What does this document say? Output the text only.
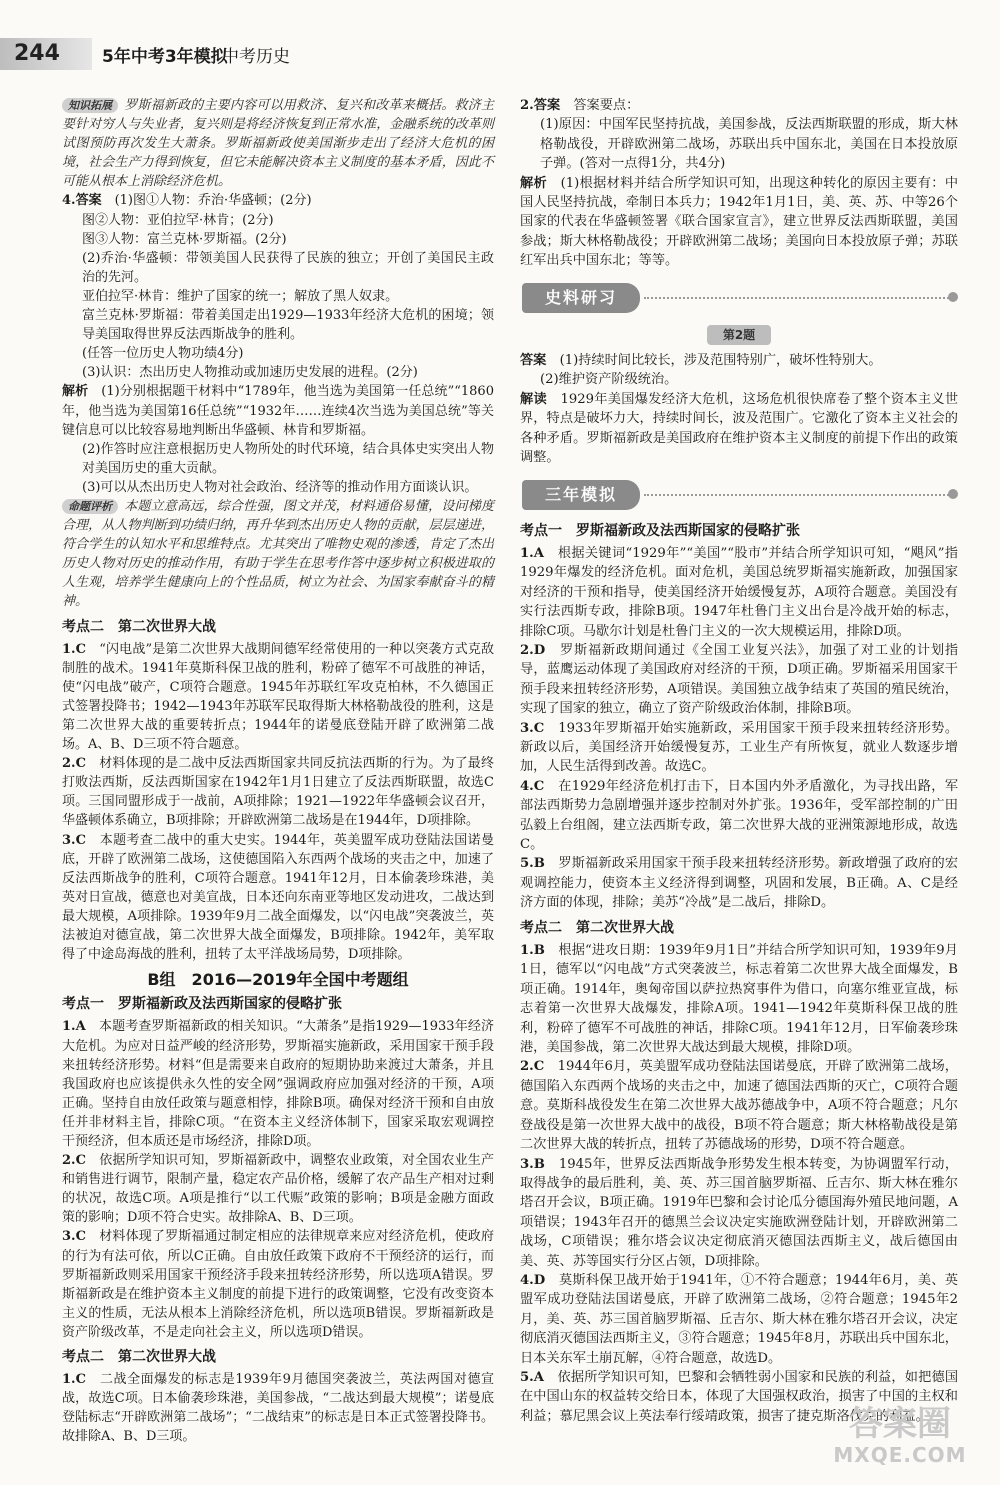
244	5年中考3年模拟
中考历史

知识拓展 罗斯福新政的主要内容可以用救济、复兴和改革来概括。救济主要针对穷人与失业者，复兴则是将经济恢复到正常水准，金融系统的改革则试图预防再次发生大萧条。罗斯福新政使美国渐步走出了经济大危机的困境，社会生产力得到恢复，但它未能解决资本主义制度的基本矛盾，因此不可能从根本上消除经济危机。

4.答案　 (1)图①人物：乔治·华盛顿；(2分)

图②人物：亚伯拉罕·林肯；(2分)

图③人物：富兰克林·罗斯福。(2分)

(2)乔治·华盛顿：带领美国人民获得了民族的独立；开创了美国民主政治的先河。

亚伯拉罕·林肯：维护了国家的统一；解放了黑人奴隶。

富兰克林·罗斯福：带着美国走出1929—1933年经济大危机的困境；领导美国取得世界反法西斯战争的胜利。

(任答一位历史人物功绩4分)

(3)认识：杰出历史人物推动或加速历史发展的进程。(2分)

解析　 (1)分别根据题干材料中“1789年，他当选为美国第一任总统”“1860年，他当选为美国第16任总统”“1932年……连续4次当选为美国总统”等关键信息可以比较容易地判断出华盛顿、林肯和罗斯福。

(2)作答时应注意根据历史人物所处的时代环境，结合具体史实突出人物对美国历史的重大贡献。

(3)可以从杰出历史人物对社会政治、经济等的推动作用方面谈认识。

命题评析 本题立意高远，综合性强，图文并茂，材料通俗易懂，设问梯度合理，从人物判断到功绩归纳，再升华到杰出历史人物的贡献，层层递进，符合学生的认知水平和思维特点。尤其突出了唯物史观的渗透，肯定了杰出历史人物对历史的推动作用，有助于学生在思考作答中逐步树立积极进取的人生观，培养学生健康向上的个性品质，树立为社会、为国家奉献奋斗的精神。

考点二　第二次世界大战

1.C　 “闪电战”是第二次世界大战期间德军经常使用的一种以突袭方式克敌制胜的战术。1941年莫斯科保卫战的胜利，粉碎了德军不可战胜的神话，使“闪电战”破产，C项符合题意。1945年苏联红军攻克柏林，不久德国正式签署投降书；1942—1943年苏联军民取得斯大林格勒战役的胜利，这是第二次世界大战的重要转折点；1944年的诺曼底登陆开辟了欧洲第二战场。A、B、D三项不符合题意。

2.C　 材料体现的是二战中反法西斯国家共同反抗法西斯的行为。为了最终打败法西斯，反法西斯国家在1942年1月1日建立了反法西斯联盟，故选C项。三国同盟形成于一战前，A项排除；1921—1922年华盛顿会议召开，华盛顿体系确立，B项排除；开辟欧洲第二战场是在1944年，D项排除。

3.C　 本题考查二战中的重大史实。1944年，英美盟军成功登陆法国诺曼底，开辟了欧洲第二战场，这使德国陷入东西两个战场的夹击之中，加速了反法西斯战争的胜利，C项符合题意。1941年12月，日本偷袭珍珠港，美英对日宣战，德意也对美宣战，日本还向东南亚等地区发动进攻，二战达到最大规模，A项排除。1939年9月二战全面爆发，以“闪电战”突袭波兰，英法被迫对德宣战，第二次世界大战全面爆发，B项排除。1942年，美军取得了中途岛海战的胜利，扭转了太平洋战场局势，D项排除。

B组　2016—2019年全国中考题组
考点一　罗斯福新政及法西斯国家的侵略扩张

1.A　 本题考查罗斯福新政的相关知识。“大萧条”是指1929—1933年经济大危机。为应对日益严峻的经济形势，罗斯福实施新政，采用国家干预手段来扭转经济形势。材料“但是需要来自政府的短期协助来渡过大萧条，并且我国政府也应该提供永久性的安全网”强调政府应加强对经济的干预，A项正确。坚持自由放任政策与题意相悖，排除B项。确保对经济干预和自由放任并非材料主旨，排除C项。“在资本主义经济体制下，国家采取宏观调控干预经济，但本质还是市场经济，排除D项。

2.C　 依据所学知识可知，罗斯福新政中，调整农业政策，对全国农业生产和销售进行调节，限制产量，稳定农产品价格，缓解了农产品生产相对过剩的状况，故选C项。A项是推行“以工代赈”政策的影响；B项是金融方面政策的影响；D项不符合史实。故排除A、B、D三项。

3.C　 材料体现了罗斯福通过制定相应的法律规章来应对经济危机，使政府的行为有法可依，所以C正确。自由放任政策下政府不干预经济的运行，而罗斯福新政则采用国家干预经济手段来扭转经济形势，所以选项A错误。罗斯福新政是在维护资本主义制度的前提下进行的政策调整，它没有改变资本主义的性质，无法从根本上消除经济危机，所以选项B错误。罗斯福新政是资产阶级改革，不是走向社会主义，所以选项D错误。

考点二　第二次世界大战

1.C　 二战全面爆发的标志是1939年9月德国突袭波兰，英法两国对德宣战，故选C项。日本偷袭珍珠港，美国参战，“二战达到最大规模”；诺曼底登陆标志“开辟欧洲第二战场”；“二战结束”的标志是日本正式签署投降书。故排除A、B、D三项。

2.答案　 答案要点：

(1)原因：中国军民坚持抗战，美国参战，反法西斯联盟的形成，斯大林格勒战役，开辟欧洲第二战场，苏联出兵中国东北，美国在日本投放原子弹。(答对一点得1分，共4分)

解析　 (1)根据材料并结合所学知识可知，出现这种转化的原因主要有：中国人民坚持抗战，牵制日本兵力；1942年1月1日，美、英、苏、中等26个国家的代表在华盛顿签署《联合国家宣言》，建立世界反法西斯联盟，美国参战；斯大林格勒战役；开辟欧洲第二战场；美国向日本投放原子弹；苏联红军出兵中国东北；等等。

史料研习
第2题

答案　 (1)持续时间比较长，涉及范围特别广，破坏性特别大。

(2)维护资产阶级统治。

解读　 1929年美国爆发经济大危机，这场危机很快席卷了整个资本主义世界，特点是破坏力大，持续时间长，波及范围广。它激化了资本主义社会的各种矛盾。罗斯福新政是美国政府在维护资本主义制度的前提下作出的政策调整。

三年模拟
考点一　罗斯福新政及法西斯国家的侵略扩张

1.A　 根据关键词“1929年”“美国”“股市”并结合所学知识可知，“飓风”指1929年爆发的经济危机。面对危机，美国总统罗斯福实施新政，加强国家对经济的干预和指导，使美国经济开始缓慢复苏，A项符合题意。美国没有实行法西斯专政，排除B项。1947年杜鲁门主义出台是冷战开始的标志，排除C项。马歇尔计划是杜鲁门主义的一次大规模运用，排除D项。

2.D　 罗斯福新政期间通过《全国工业复兴法》，加强了对工业的计划指导，蓝鹰运动体现了美国政府对经济的干预，D项正确。罗斯福采用国家干预手段来扭转经济形势，A项错误。美国独立战争结束了英国的殖民统治，实现了国家的独立，确立了资产阶级政治体制，排除B项。

3.C　 1933年罗斯福开始实施新政，采用国家干预手段来扭转经济形势。新政以后，美国经济开始缓慢复苏，工业生产有所恢复，就业人数逐步增加，人民生活得到改善。故选C。

4.C　 在1929年经济危机打击下，日本国内外矛盾激化，为寻找出路，军部法西斯势力急剧增强并逐步控制对外扩张。1936年，受军部控制的广田弘毅上台组阁，建立法西斯专政，第二次世界大战的亚洲策源地形成，故选C。

5.B　 罗斯福新政采用国家干预手段来扭转经济形势。新政增强了政府的宏观调控能力，使资本主义经济得到调整，巩固和发展，B正确。A、C是经济方面的体现，排除；美苏“冷战”是二战后，排除D。

考点二　第二次世界大战

1.B　 根据“进攻日期：1939年9月1日”并结合所学知识可知，1939年9月1日，德军以“闪电战”方式突袭波兰，标志着第二次世界大战全面爆发，B项正确。1914年，奥匈帝国以萨拉热窝事件为借口，向塞尔维亚宣战，标志着第一次世界大战爆发，排除A项。1941—1942年莫斯科保卫战的胜利，粉碎了德军不可战胜的神话，排除C项。1941年12月，日军偷袭珍珠港，美国参战，第二次世界大战达到最大规模，排除D项。

2.C　 1944年6月，英美盟军成功登陆法国诺曼底，开辟了欧洲第二战场，德国陷入东西两个战场的夹击之中，加速了德国法西斯的灭亡，C项符合题意。莫斯科战役发生在第二次世界大战苏德战争中，A项不符合题意；凡尔登战役是第一次世界大战中的战役，B项不符合题意；斯大林格勒战役是第二次世界大战的转折点，扭转了苏德战场的形势，D项不符合题意。

3.B　 1945年，世界反法西斯战争形势发生根本转变，为协调盟军行动，取得战争的最后胜利，美、英、苏三国首脑罗斯福、丘吉尔、斯大林在雅尔塔召开会议，B项正确。1919年巴黎和会讨论瓜分德国海外殖民地问题，A项错误；1943年召开的德黑兰会议决定实施欧洲登陆计划，开辟欧洲第二战场，C项错误；雅尔塔会议决定彻底消灭德国法西斯主义，战后德国由美、英、苏等国实行分区占领，D项排除。

4.D　 莫斯科保卫战开始于1941年，①不符合题意；1944年6月，美、英盟军成功登陆法国诺曼底，开辟了欧洲第二战场，②符合题意；1945年2月，美、英、苏三国首脑罗斯福、丘吉尔、斯大林在雅尔塔召开会议，决定彻底消灭德国法西斯主义，③符合题意；1945年8月，苏联出兵中国东北，日本关东军土崩瓦解，④符合题意，故选D。

5.A　 依据所学知识可知，巴黎和会牺牲弱小国家和民族的利益，如把德国在中国山东的权益转交给日本，体现了大国强权政治，损害了中国的主权和利益；慕尼黑会议上英法奉行绥靖政策，损害了捷克斯洛伐克的利益。

答案圈
MXQE.COM
